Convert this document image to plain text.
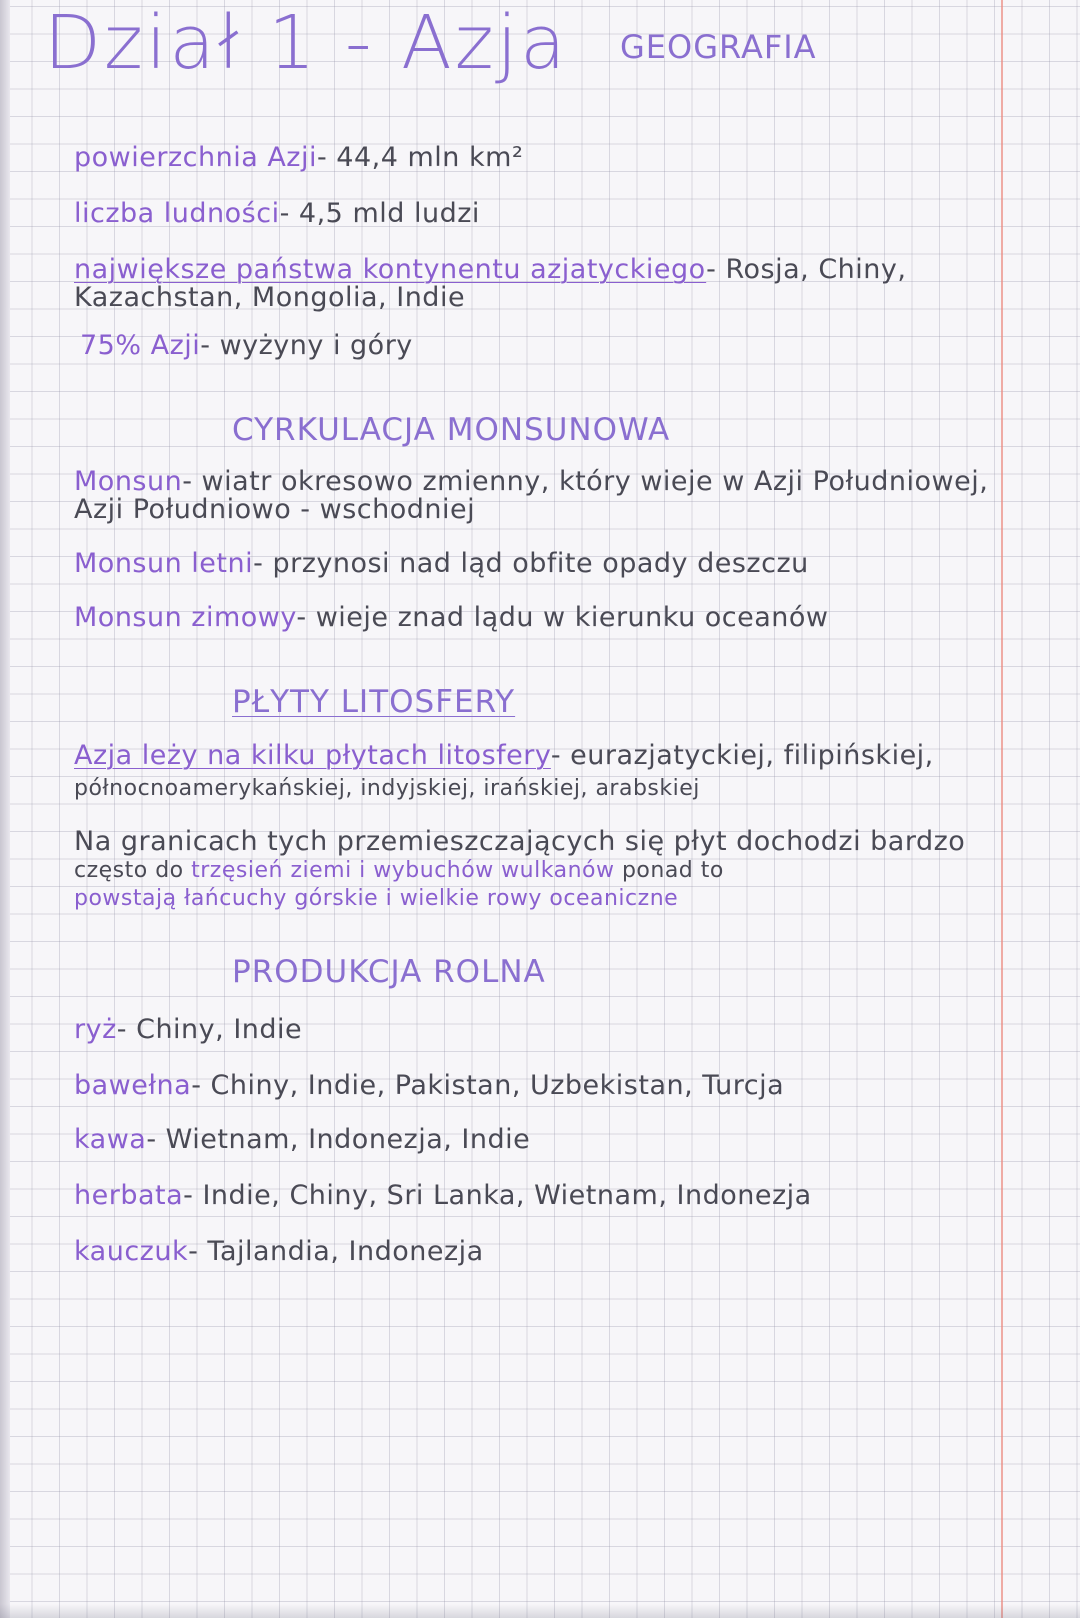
Dział 1 - Azja GEOGRAFIA
powierzchnia Azji- 44,4 mln km²
liczba ludności- 4,5 mld ludzi
największe państwa kontynentu azjatyckiego- Rosja, Chiny,
Kazachstan, Mongolia, Indie
75% Azji- wyżyny i góry
CYRKULACJA MONSUNOWA
Monsun- wiatr okresowo zmienny, który wieje w Azji Południowej,
Azji Południowo - wschodniej
Monsun letni- przynosi nad ląd obfite opady deszczu
Monsun zimowy- wieje znad lądu w kierunku oceanów
PŁYTY LITOSFERY
Azja leży na kilku płytach litosfery- eurazjatyckiej, filipińskiej,
północnoamerykańskiej, indyjskiej, irańskiej, arabskiej
Na granicach tych przemieszczających się płyt dochodzi bardzo
często do trzęsień ziemi i wybuchów wulkanów ponad to
powstają łańcuchy górskie i wielkie rowy oceaniczne
PRODUKCJA ROLNA
ryż- Chiny, Indie
bawełna- Chiny, Indie, Pakistan, Uzbekistan, Turcja
kawa- Wietnam, Indonezja, Indie
herbata- Indie, Chiny, Sri Lanka, Wietnam, Indonezja
kauczuk- Tajlandia, Indonezja
